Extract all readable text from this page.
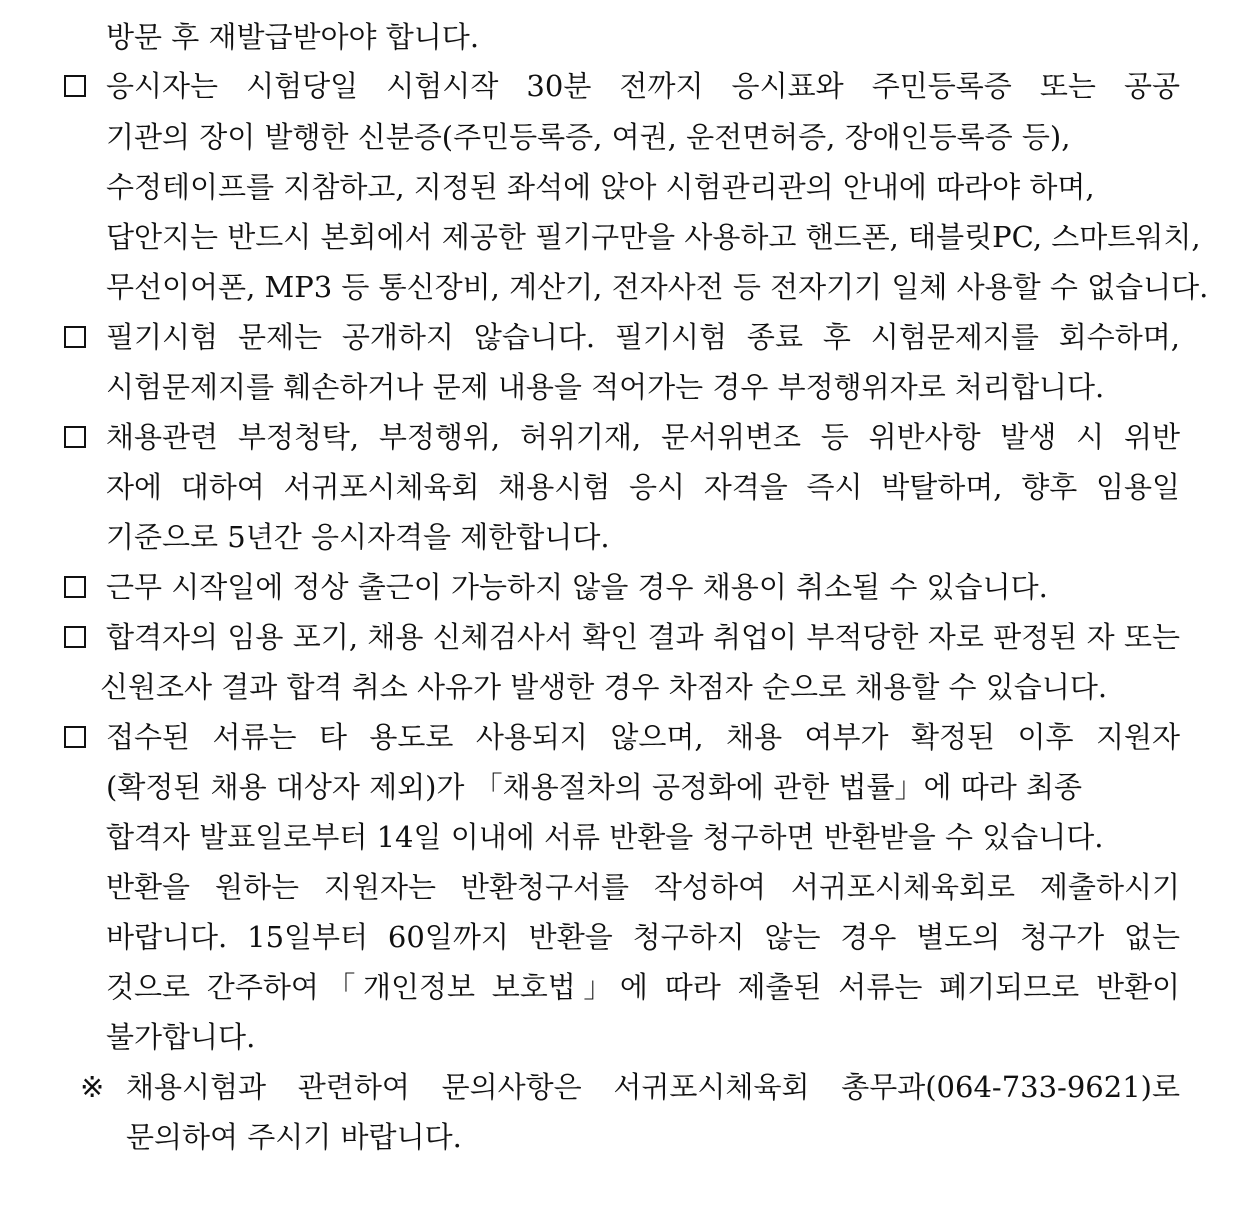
방문 후 재발급받아야 합니다.
응시자는 시험당일 시험시작 30분 전까지 응시표와 주민등록증 또는 공공
기관의 장이 발행한 신분증(주민등록증, 여권, 운전면허증, 장애인등록증 등),
수정테이프를 지참하고, 지정된 좌석에 앉아 시험관리관의 안내에 따라야 하며,
답안지는 반드시 본회에서 제공한 필기구만을 사용하고 핸드폰, 태블릿PC, 스마트워치,
무선이어폰, MP3 등 통신장비, 계산기, 전자사전 등 전자기기 일체 사용할 수 없습니다.
필기시험 문제는 공개하지 않습니다. 필기시험 종료 후 시험문제지를 회수하며,
시험문제지를 훼손하거나 문제 내용을 적어가는 경우 부정행위자로 처리합니다.
채용관련 부정청탁, 부정행위, 허위기재, 문서위변조 등 위반사항 발생 시 위반
자에 대하여 서귀포시체육회 채용시험 응시 자격을 즉시 박탈하며, 향후 임용일
기준으로 5년간 응시자격을 제한합니다.
근무 시작일에 정상 출근이 가능하지 않을 경우 채용이 취소될 수 있습니다.
합격자의 임용 포기, 채용 신체검사서 확인 결과 취업이 부적당한 자로 판정된 자 또는
신원조사 결과 합격 취소 사유가 발생한 경우 차점자 순으로 채용할 수 있습니다.
접수된 서류는 타 용도로 사용되지 않으며, 채용 여부가 확정된 이후 지원자
(확정된 채용 대상자 제외)가 「채용절차의 공정화에 관한 법률」에 따라 최종
합격자 발표일로부터 14일 이내에 서류 반환을 청구하면 반환받을 수 있습니다.
반환을 원하는 지원자는 반환청구서를 작성하여 서귀포시체육회로 제출하시기
바랍니다. 15일부터 60일까지 반환을 청구하지 않는 경우 별도의 청구가 없는
것으로 간주하여「개인정보 보호법」에 따라 제출된 서류는 폐기되므로 반환이
불가합니다.
※ 채용시험과 관련하여 문의사항은 서귀포시체육회 총무과(064-733-9621)로
문의하여 주시기 바랍니다.
